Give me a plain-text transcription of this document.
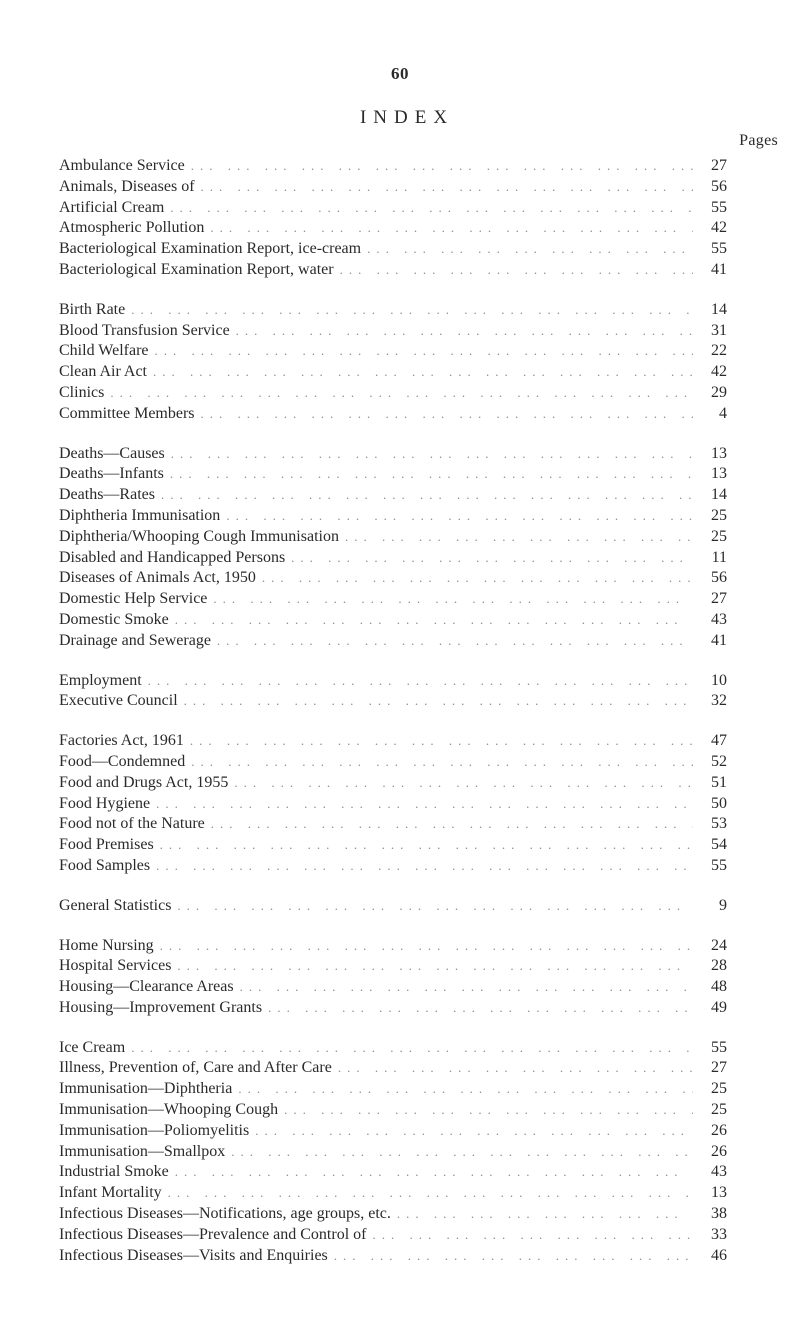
60
INDEX
Pages
Ambulance Service ... .	27
Animals, Diseases of ... .	56
Artificial Cream ... .	55
Atmospheric Pollution ... .	42
Bacteriological Examination Report, ice-cream ... .	55
Bacteriological Examination Report, water ... .	41
Birth Rate ... .	14
Blood Transfusion Service ... .	31
Child Welfare ... .	22
Clean Air Act ... .	42
Clinics ... .	29
Committee Members ... .	4
Deaths—Causes ... .	13
Deaths—Infants ... .	13
Deaths—Rates ... .	14
Diphtheria Immunisation ... .	25
Diphtheria/Whooping Cough Immunisation ... .	25
Disabled and Handicapped Persons ... .	11
Diseases of Animals Act, 1950 ... .	56
Domestic Help Service ... .	27
Domestic Smoke ... .	43
Drainage and Sewerage ... .	41
Employment ... .	10
Executive Council ... .	32
Factories Act, 1961 ... .	47
Food—Condemned ... .	52
Food and Drugs Act, 1955 ... .	51
Food Hygiene ... .	50
Food not of the Nature ... .	53
Food Premises ... .	54
Food Samples ... .	55
General Statistics ... .	9
Home Nursing ... .	24
Hospital Services ... .	28
Housing—Clearance Areas ... .	48
Housing—Improvement Grants ... .	49
Ice Cream ... .	55
Illness, Prevention of, Care and After Care ... .	27
Immunisation—Diphtheria ... .	25
Immunisation—Whooping Cough ... .	25
Immunisation—Poliomyelitis ... .	26
Immunisation—Smallpox ... .	26
Industrial Smoke ... .	43
Infant Mortality ... .	13
Infectious Diseases—Notifications, age groups, etc. ... .	38
Infectious Diseases—Prevalence and Control of ... .	33
Infectious Diseases—Visits and Enquiries ... .	46
